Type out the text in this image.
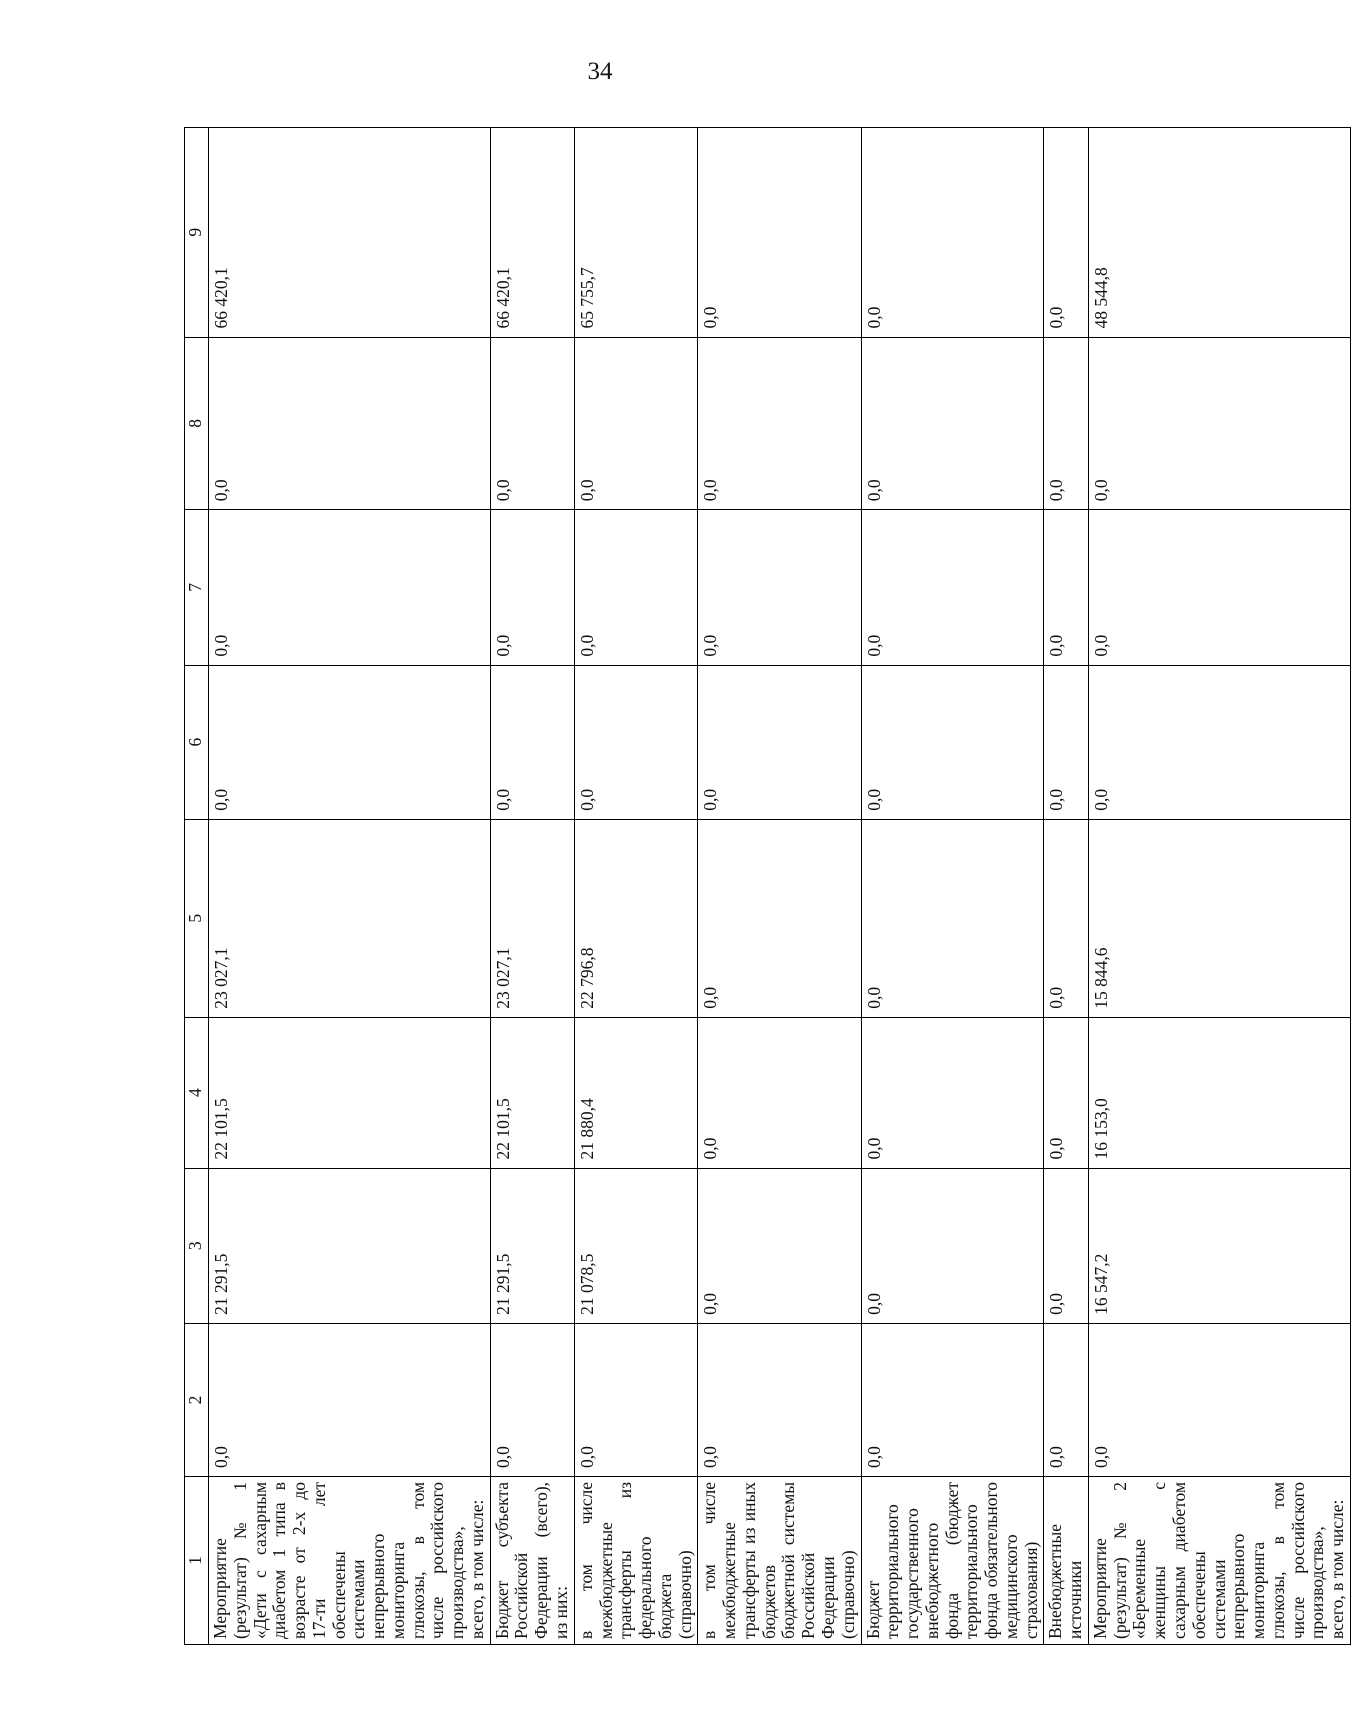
34
1	2	3	4	5	6	7	8	9
Мероприятие (результат) № 1 «Дети с сахарным диабетом 1 типа в возрасте от 2-х до 17-ти лет обеспечены системами непрерывного мониторинга глюкозы, в том числе российского производства», всего, в том числе:	0,0	21 291,5	22 101,5	23 027,1	0,0	0,0	0,0	66 420,1
Бюджет субъекта Российской Федерации (всего), из них:	0,0	21 291,5	22 101,5	23 027,1	0,0	0,0	0,0	66 420,1
в том числе межбюджетные трансферты из федерального бюджета (справочно)	0,0	21 078,5	21 880,4	22 796,8	0,0	0,0	0,0	65 755,7
в том числе межбюджетные трансферты из иных бюджетов бюджетной системы Российской Федерации (справочно)	0,0	0,0	0,0	0,0	0,0	0,0	0,0	0,0
Бюджет территориального государственного внебюджетного фонда (бюджет территориального фонда обязательного медицинского страхования)	0,0	0,0	0,0	0,0	0,0	0,0	0,0	0,0
Внебюджетные источники	0,0	0,0	0,0	0,0	0,0	0,0	0,0	0,0
Мероприятие (результат) № 2 «Беременные женщины с сахарным диабетом обеспечены системами непрерывного мониторинга глюкозы, в том числе российского производства», всего, в том числе:	0,0	16 547,2	16 153,0	15 844,6	0,0	0,0	0,0	48 544,8
